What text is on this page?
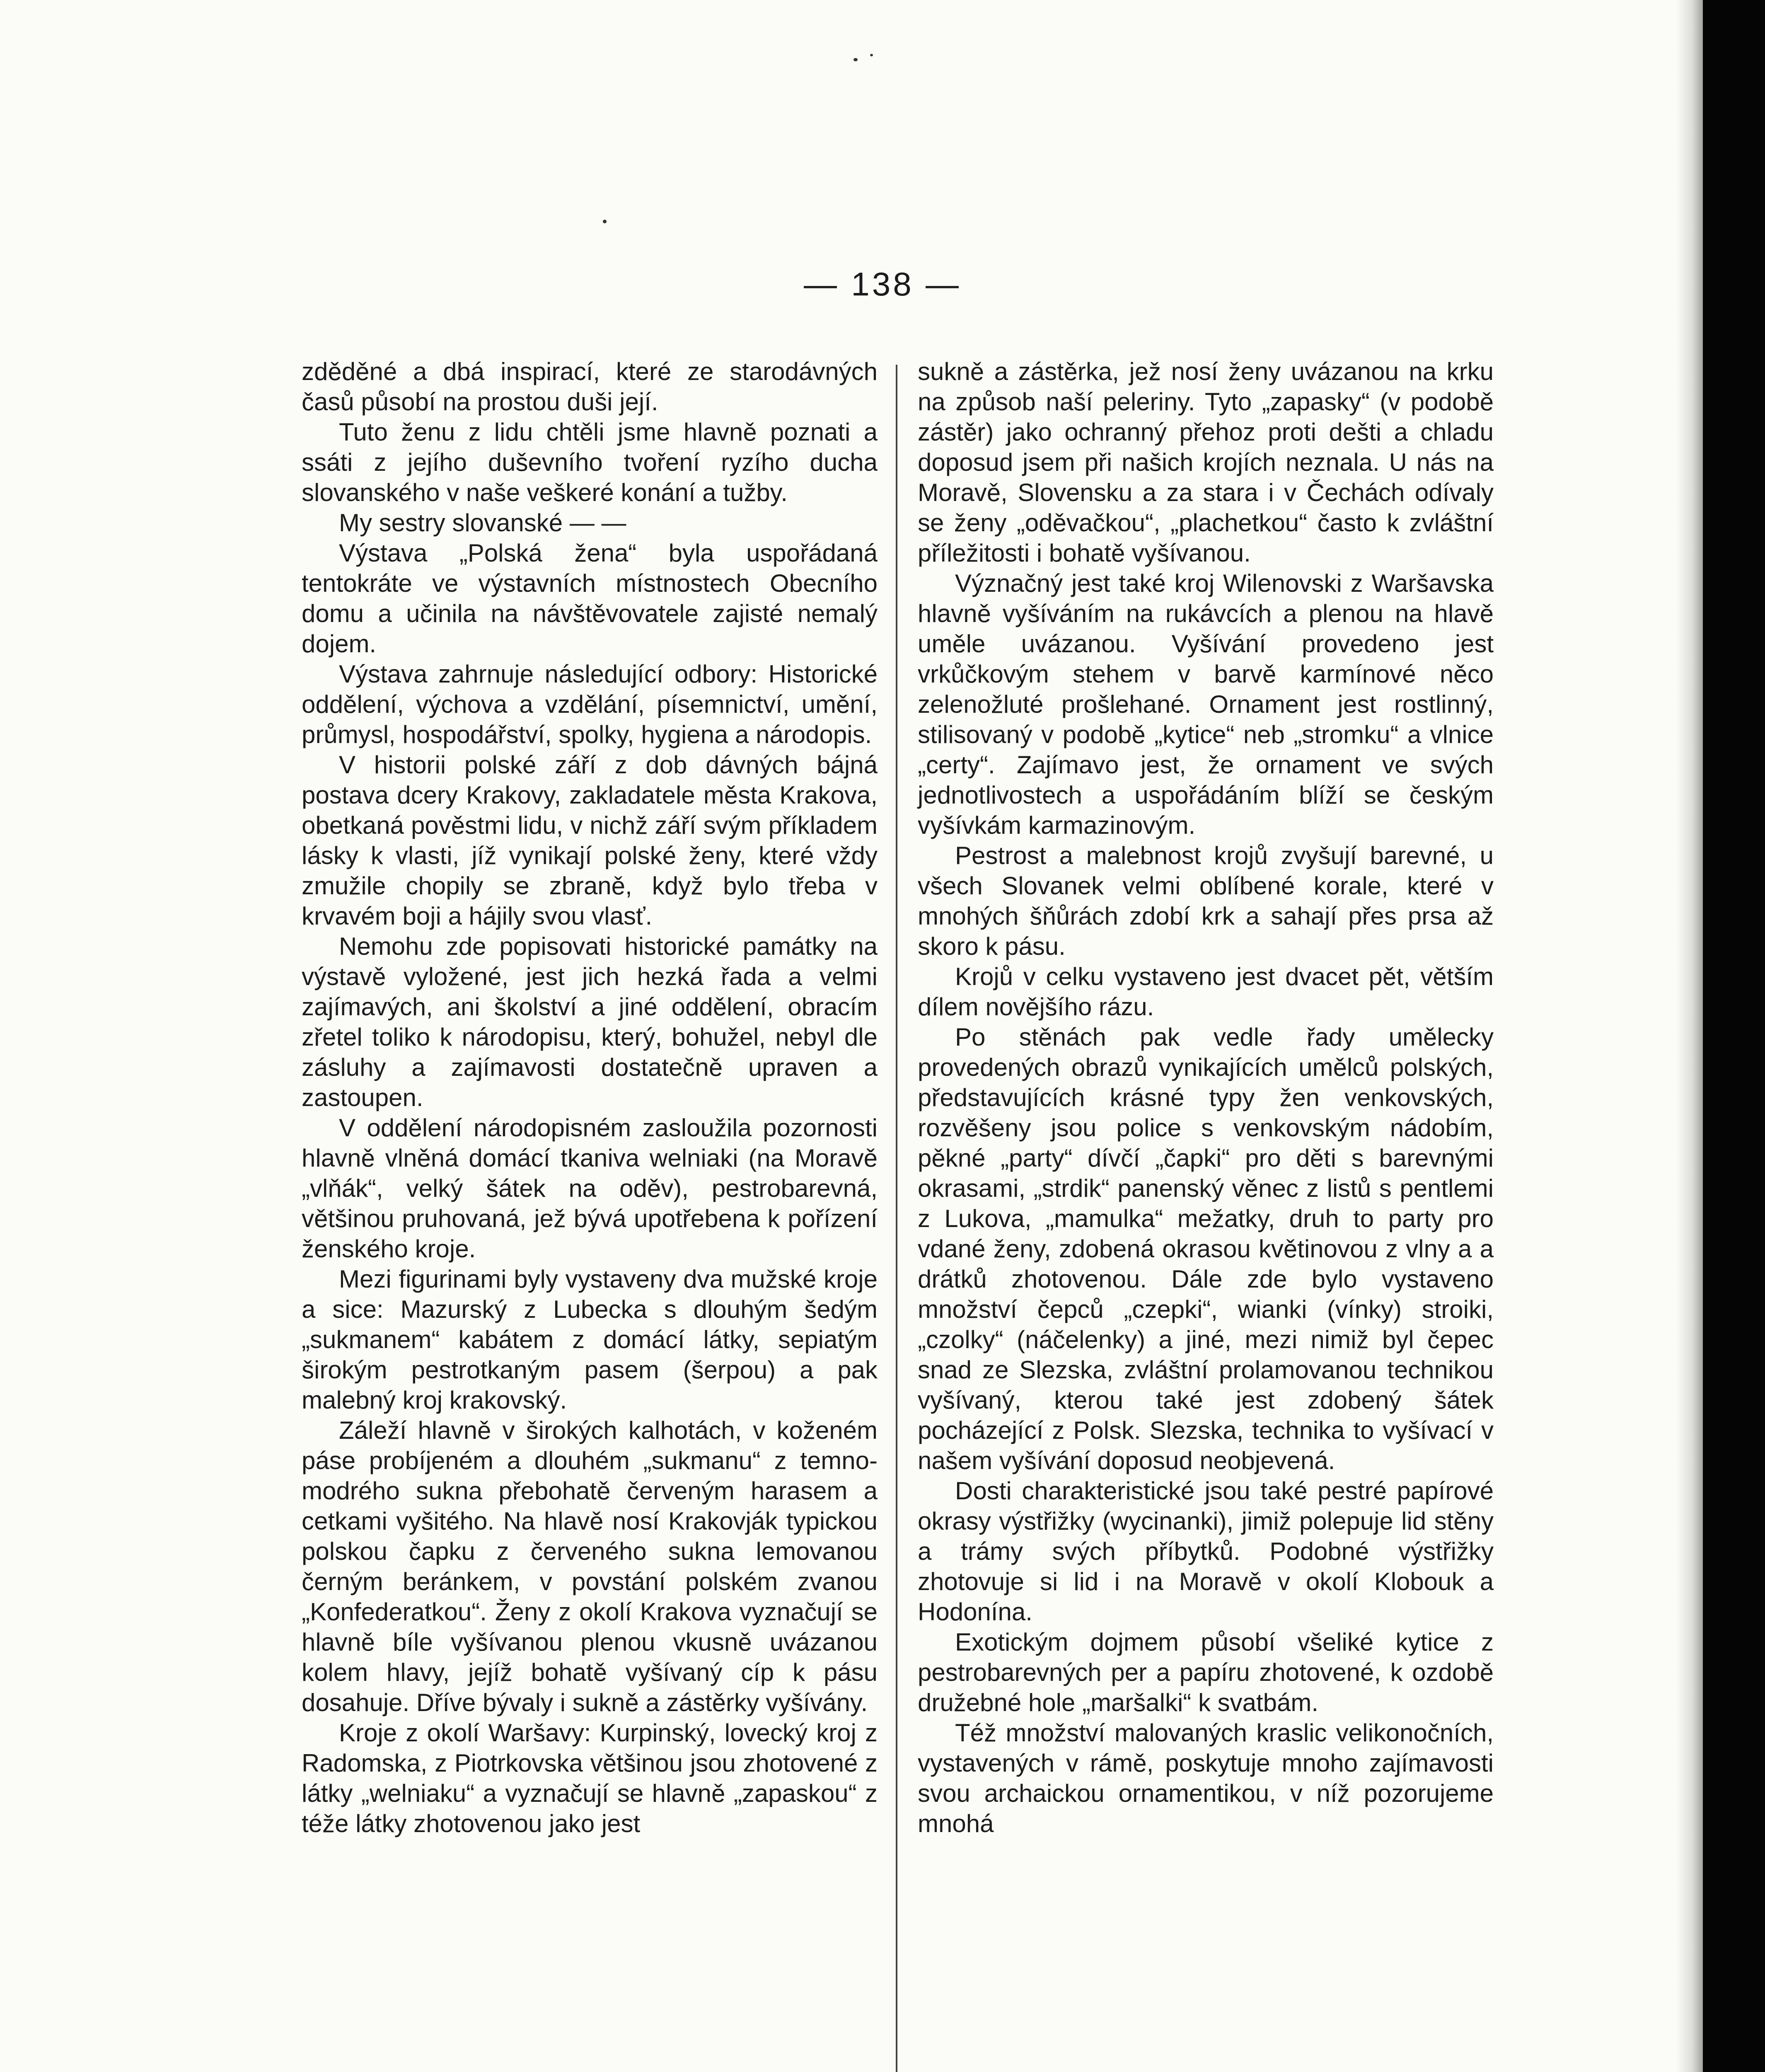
— 138 —

zděděné a dbá inspirací, které ze starodávných časů působí na prostou duši její.

Tuto ženu z lidu chtěli jsme hlavně poznati a ssáti z jejího duševního tvoření ryzího ducha slovanského v naše veškeré konání a tužby.

My sestry slovanské — —

Výstava „Polská žena“ byla uspořádaná tentokráte ve výstavních místnostech Obecního domu a učinila na návštěvovatele zajisté nemalý dojem.

Výstava zahrnuje následující odbory: Historické oddělení, výchova a vzdělání, písemnictví, umění, průmysl, hospodářství, spolky, hygiena a národopis.

V historii polské září z dob dávných bájná postava dcery Krakovy, zakladatele města Krakova, obetkaná pověstmi lidu, v nichž září svým příkladem lásky k vlasti, jíž vynikají polské ženy, které vždy zmužile chopily se zbraně, když bylo třeba v krvavém boji a hájily svou vlasť.

Nemohu zde popisovati historické památky na výstavě vyložené, jest jich hezká řada a velmi zajímavých, ani školství a jiné oddělení, obracím zřetel toliko k národopisu, který, bohužel, nebyl dle zásluhy a zajímavosti dostatečně upraven a zastoupen.

V oddělení národopisném zasloužila pozornosti hlavně vlněná domácí tkaniva welniaki (na Moravě „vlňák“, velký šátek na oděv), pestrobarevná, většinou pruhovaná, jež bývá upotřebena k pořízení ženského kroje.

Mezi figurinami byly vystaveny dva mužské kroje a sice: Mazurský z Lubecka s dlouhým šedým „sukmanem“ kabátem z domácí látky, sepiatým širokým pestrotkaným pasem (šerpou) a pak malebný kroj krakovský.

Záleží hlavně v širokých kalhotách, v koženém páse probíjeném a dlouhém „sukmanu“ z temno-modrého sukna přebohatě červeným harasem a cetkami vyšitého. Na hlavě nosí Krakovják typickou polskou čapku z červeného sukna lemovanou černým beránkem, v povstání polském zvanou „Konfederatkou“. Ženy z okolí Krakova vyznačují se hlavně bíle vyšívanou plenou vkusně uvázanou kolem hlavy, jejíž bohatě vyšívaný cíp k pásu dosahuje. Dříve bývaly i sukně a zástěrky vyšívány.

Kroje z okolí Waršavy: Kurpinský, lovecký kroj z Radomska, z Piotrkovska většinou jsou zhotovené z látky „welniaku“ a vyznačují se hlavně „zapaskou“ z téže látky zhotovenou jako jest

sukně a zástěrka, jež nosí ženy uvázanou na krku na způsob naší peleriny. Tyto „zapasky“ (v podobě zástěr) jako ochranný přehoz proti dešti a chladu doposud jsem při našich krojích neznala. U nás na Moravě, Slovensku a za stara i v Čechách odívaly se ženy „oděvačkou“, „plachetkou“ často k zvláštní příležitosti i bohatě vyšívanou.

Význačný jest také kroj Wilenovski z Waršavska hlavně vyšíváním na rukávcích a plenou na hlavě uměle uvázanou. Vyšívání provedeno jest vrkůčkovým stehem v barvě karmínové něco zelenožluté prošlehané. Ornament jest rostlinný, stilisovaný v podobě „kytice“ neb „stromku“ a vlnice „certy“. Zajímavo jest, že ornament ve svých jednotlivostech a uspořádáním blíží se českým vyšívkám karmazinovým.

Pestrost a malebnost krojů zvyšují barevné, u všech Slovanek velmi oblíbené korale, které v mnohých šňůrách zdobí krk a sahají přes prsa až skoro k pásu.

Krojů v celku vystaveno jest dvacet pět, větším dílem novějšího rázu.

Po stěnách pak vedle řady umělecky provedených obrazů vynikajících umělců polských, představujících krásné typy žen venkovských, rozvěšeny jsou police s venkovským nádobím, pěkné „party“ dívčí „čapki“ pro děti s barevnými okrasami, „strdik“ panenský věnec z listů s pentlemi z Lukova, „mamulka“ mežatky, druh to party pro vdané ženy, zdobená okrasou květinovou z vlny a a drátků zhotovenou. Dále zde bylo vystaveno množství čepců „czepki“, wianki (vínky) stroiki, „czolky“ (náčelenky) a jiné, mezi nimiž byl čepec snad ze Slezska, zvláštní prolamovanou technikou vyšívaný, kterou také jest zdobený šátek pocházející z Polsk. Slezska, technika to vyšívací v našem vyšívání doposud neobjevená.

Dosti charakteristické jsou také pestré papírové okrasy výstřižky (wycinanki), jimiž polepuje lid stěny a trámy svých příbytků. Podobné výstřižky zhotovuje si lid i na Moravě v okolí Klobouk a Hodonína.

Exotickým dojmem působí všeliké kytice z pestrobarevných per a papíru zhotovené, k ozdobě družebné hole „maršalki“ k svatbám.

Též množství malovaných kraslic velikonočních, vystavených v rámě, poskytuje mnoho zajímavosti svou archaickou ornamentikou, v níž pozorujeme mnohá
